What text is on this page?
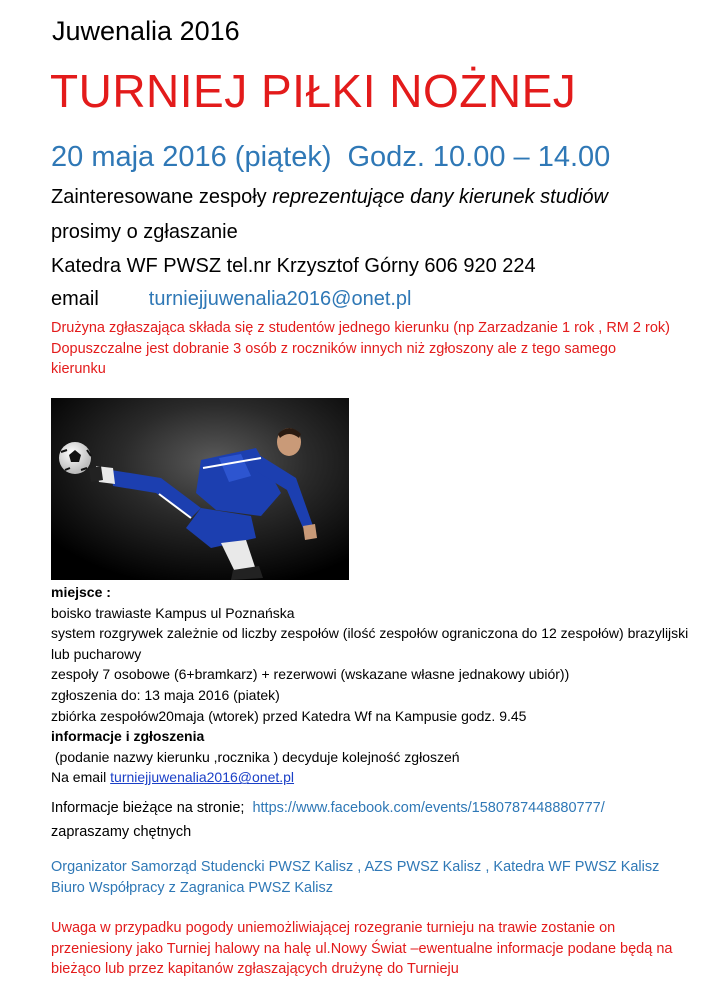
Juwenalia 2016
TURNIEJ PIŁKI NOŻNEJ
20 maja 2016 (piątek) Godz. 10.00 – 14.00
Zainteresowane zespoły reprezentujące dany kierunek studiów
prosimy o zgłaszanie
Katedra WF PWSZ tel.nr Krzysztof Górny 606 920 224
email	turniejjuwenalia2016@onet.pl
Drużyna zgłaszająca składa się z studentów jednego kierunku (np Zarzadzanie 1 rok , RM 2 rok)
Dopuszczalne jest dobranie 3 osób z roczników innych niż zgłoszony ale z tego samego kierunku

miejsce :

boisko trawiaste Kampus ul Poznańska

system rozgrywek zależnie od liczby zespołów (ilość zespołów ograniczona do 12 zespołów) brazylijski lub pucharowy

zespoły 7 osobowe (6+bramkarz) + rezerwowi (wskazane własne jednakowy ubiór))

zgłoszenia do: 13 maja 2016 (piatek)

zbiórka zespołów20maja (wtorek) przed Katedra Wf na Kampusie godz. 9.45

informacje i zgłoszenia

(podanie nazwy kierunku ,rocznika ) decyduje kolejność zgłoszeń

Na email turniejjuwenalia2016@onet.pl

Informacje bieżące na stronie; https://www.facebook.com/events/1580787448880777/
zapraszamy chętnych
Organizator Samorząd Studencki PWSZ Kalisz , AZS PWSZ Kalisz , Katedra WF PWSZ Kalisz Biuro Współpracy z Zagranica PWSZ Kalisz
Uwaga w przypadku pogody uniemożliwiającej rozegranie turnieju na trawie zostanie on przeniesiony jako Turniej halowy na halę ul.Nowy Świat –ewentualne informacje podane będą na bieżąco lub przez kapitanów zgłaszających drużynę do Turnieju
